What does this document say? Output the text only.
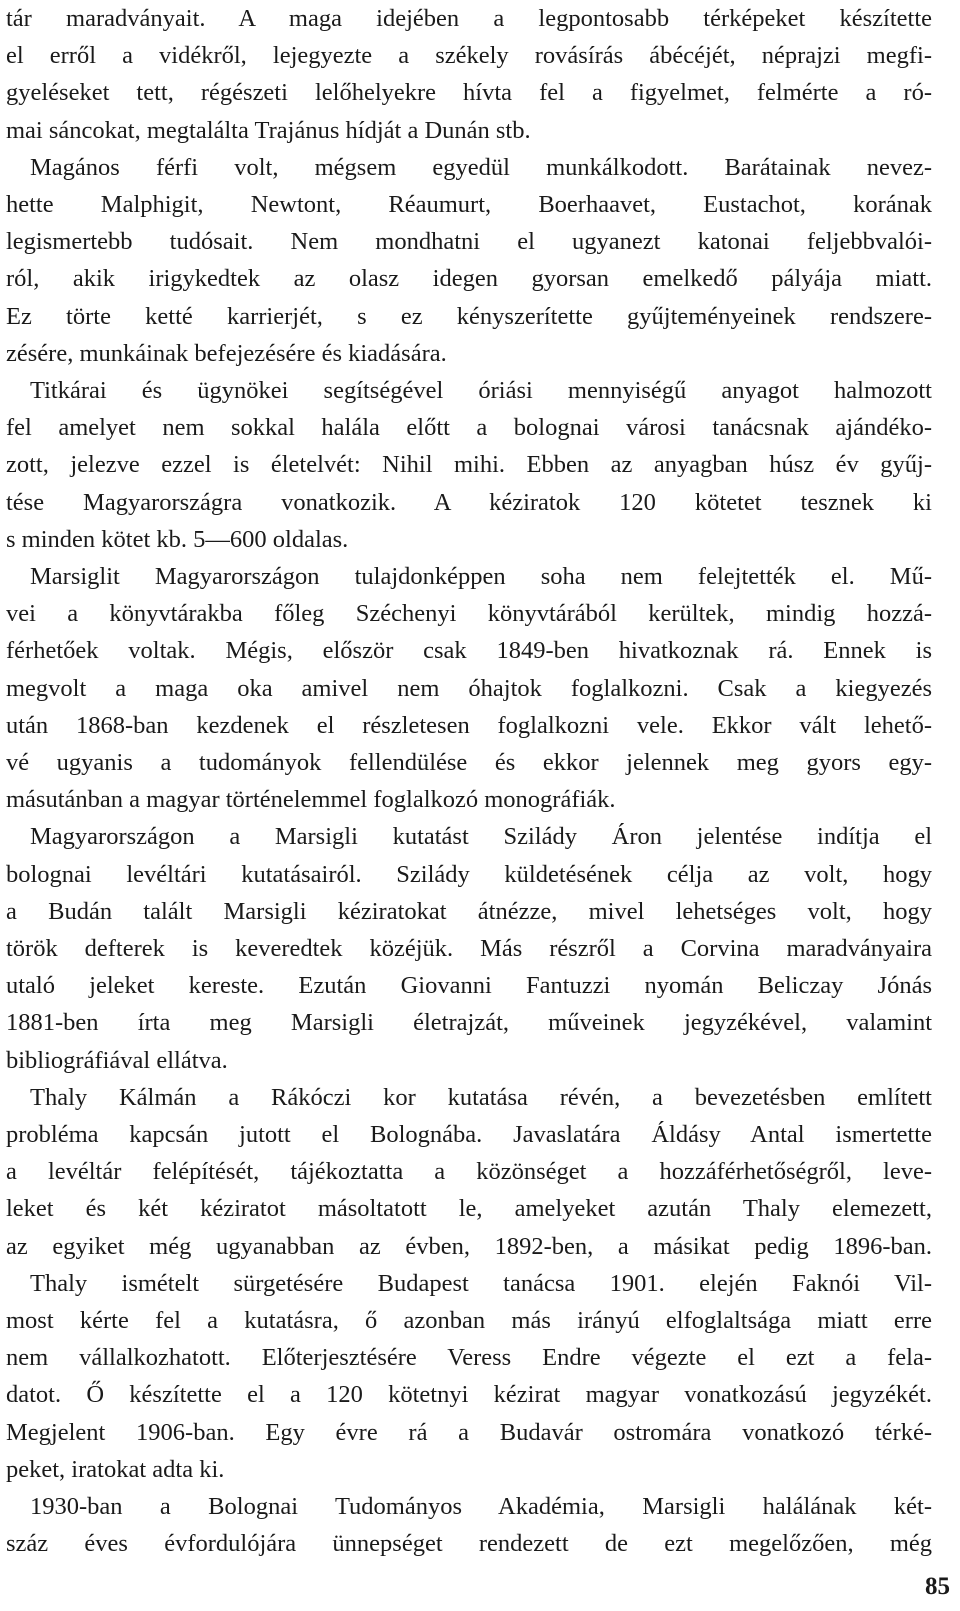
tár maradványait. A maga idejében a legpontosabb térképeket készítette
el erről a vidékről, lejegyezte a székely rovásírás ábécéjét, néprajzi megfi-
gyeléseket tett, régészeti lelőhelyekre hívta fel a figyelmet, felmérte a ró-
mai sáncokat, megtalálta Trajánus hídját a Dunán stb.
Magános férfi volt, mégsem egyedül munkálkodott. Barátainak nevez-
hette Malphigit, Newtont, Réaumurt, Boerhaavet, Eustachot, korának
legismertebb tudósait. Nem mondhatni el ugyanezt katonai feljebbvalói-
ról, akik irigykedtek az olasz idegen gyorsan emelkedő pályája miatt.
Ez törte ketté karrierjét, s ez kényszerítette gyűjteményeinek rendszere-
zésére, munkáinak befejezésére és kiadására.
Titkárai és ügynökei segítségével óriási mennyiségű anyagot halmozott
fel amelyet nem sokkal halála előtt a bolognai városi tanácsnak ajándéko-
zott, jelezve ezzel is életelvét: Nihil mihi. Ebben az anyagban húsz év gyűj-
tése Magyarországra vonatkozik. A kéziratok 120 kötetet tesznek ki
s minden kötet kb. 5—600 oldalas.
Marsiglit Magyarországon tulajdonképpen soha nem felejtették el. Mű-
vei a könyvtárakba főleg Széchenyi könyvtárából kerültek, mindig hozzá-
férhetőek voltak. Mégis, először csak 1849-ben hivatkoznak rá. Ennek is
megvolt a maga oka amivel nem óhajtok foglalkozni. Csak a kiegyezés
után 1868-ban kezdenek el részletesen foglalkozni vele. Ekkor vált lehető-
vé ugyanis a tudományok fellendülése és ekkor jelennek meg gyors egy-
másutánban a magyar történelemmel foglalkozó monográfiák.
Magyarországon a Marsigli kutatást Szilády Áron jelentése indítja el
bolognai levéltári kutatásairól. Szilády küldetésének célja az volt, hogy
a Budán talált Marsigli kéziratokat átnézze, mivel lehetséges volt, hogy
török defterek is keveredtek közéjük. Más részről a Corvina maradványaira
utaló jeleket kereste. Ezután Giovanni Fantuzzi nyomán Beliczay Jónás
1881-ben írta meg Marsigli életrajzát, műveinek jegyzékével, valamint
bibliográfiával ellátva.
Thaly Kálmán a Rákóczi kor kutatása révén, a bevezetésben említett
probléma kapcsán jutott el Bolognába. Javaslatára Áldásy Antal ismertette
a levéltár felépítését, tájékoztatta a közönséget a hozzáférhetőségről, leve-
leket és két kéziratot másoltatott le, amelyeket azután Thaly elemezett,
az egyiket még ugyanabban az évben, 1892-ben, a másikat pedig 1896-ban.
Thaly ismételt sürgetésére Budapest tanácsa 1901. elején Faknói Vil-
most kérte fel a kutatásra, ő azonban más irányú elfoglaltsága miatt erre
nem vállalkozhatott. Előterjesztésére Veress Endre végezte el ezt a fela-
datot. Ő készítette el a 120 kötetnyi kézirat magyar vonatkozású jegyzékét.
Megjelent 1906-ban. Egy évre rá a Budavár ostromára vonatkozó térké-
peket, iratokat adta ki.
1930-ban a Bolognai Tudományos Akadémia, Marsigli halálának két-
száz éves évfordulójára ünnepséget rendezett de ezt megelőzően, még
85
